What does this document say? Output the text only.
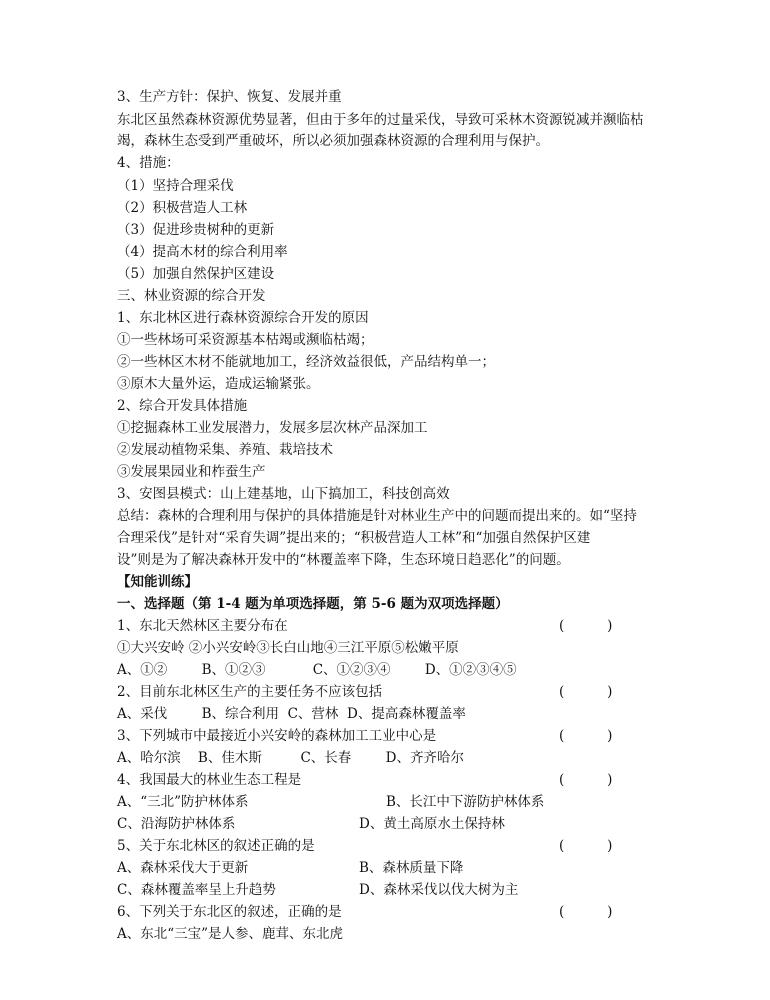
3、生产方针：保护、恢复、发展并重
东北区虽然森林资源优势显著，但由于多年的过量采伐，导致可采林木资源锐减并濒临枯
竭，森林生态受到严重破坏，所以必须加强森林资源的合理利用与保护。
4、措施：
（1）坚持合理采伐
（2）积极营造人工林
（3）促进珍贵树种的更新
（4）提高木材的综合利用率
（5）加强自然保护区建设
三、林业资源的综合开发
1、东北林区进行森林资源综合开发的原因
①一些林场可采资源基本枯竭或濒临枯竭；
②一些林区木材不能就地加工，经济效益很低，产品结构单一；
③原木大量外运，造成运输紧张。
2、综合开发具体措施
①挖掘森林工业发展潜力，发展多层次林产品深加工
②发展动植物采集、养殖、栽培技术
③发展果园业和柞蚕生产
3、安图县模式：山上建基地，山下搞加工，科技创高效
总结：森林的合理利用与保护的具体措施是针对林业生产中的问题而提出来的。如“坚持
合理采伐”是针对“采育失调”提出来的；“积极营造人工林”和“加强自然保护区建
设”则是为了解决森林开发中的“林覆盖率下降，生态环境日趋恶化”的问题。
【知能训练】
一、选择题（第 1-4 题为单项选择题，第 5-6 题为双项选择题）
1、东北天然林区主要分布在	(          )
①大兴安岭 ②小兴安岭③长白山地④三江平原⑤松嫩平原
A、①②        B、①②③           C、①②③④        D、①②③④⑤
2、目前东北林区生产的主要任务不应该包括	(          )
A、采伐        B、综合利用  C、营林  D、提高森林覆盖率
3、下列城市中最接近小兴安岭的森林加工工业中心是	(          )
A、哈尔滨    B、佳木斯         C、长春        D、齐齐哈尔
4、我国最大的林业生态工程是	(          )
A、“三北”防护林体系	B、长江中下游防护林体系
C、沿海防护林体系	D、黄土高原水土保持林
5、关于东北林区的叙述正确的是	(          )
A、森林采伐大于更新	B、森林质量下降
C、森林覆盖率呈上升趋势	D、森林采伐以伐大树为主
6、下列关于东北区的叙述，正确的是	(          )
A、东北“三宝”是人参、鹿茸、东北虎
